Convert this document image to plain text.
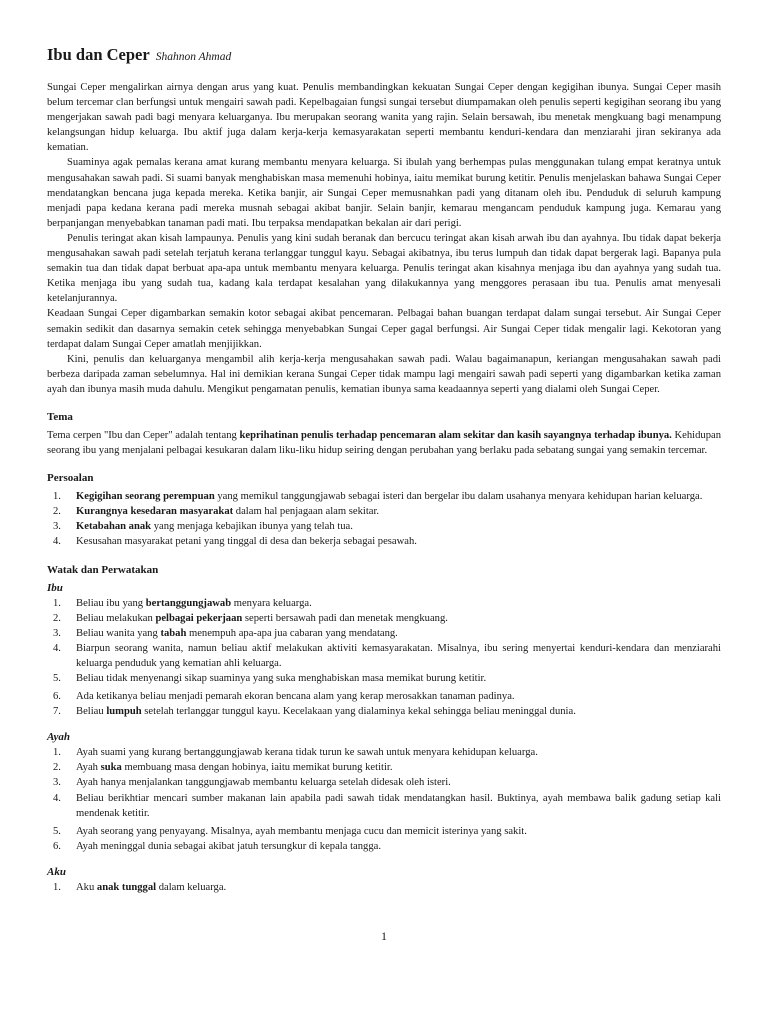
Ibu dan Ceper Shahnon Ahmad

Sungai Ceper mengalirkan airnya dengan arus yang kuat. Penulis membandingkan kekuatan Sungai Ceper dengan kegigihan ibunya. Sungai Ceper masih belum tercemar clan berfungsi untuk mengairi sawah padi. Kepelbagaian fungsi sungai tersebut diumpamakan oleh penulis seperti kegigihan seorang ibu yang mengerjakan sawah padi bagi menyara keluarganya. Ibu merupakan seorang wanita yang rajin. Selain bersawah, ibu menetak mengkuang bagi menampung kelangsungan hidup keluarga. Ibu aktif juga dalam kerja-kerja kemasyarakatan seperti membantu kenduri-kendara dan menziarahi jiran sekiranya ada kematian.

Suaminya agak pemalas kerana amat kurang membantu menyara keluarga. Si ibulah yang berhempas pulas menggunakan tulang empat keratnya untuk mengusahakan sawah padi. Si suami banyak menghabiskan masa memenuhi hobinya, iaitu memikat burung ketitir. Penulis menjelaskan bahawa Sungai Ceper mendatangkan bencana juga kepada mereka. Ketika banjir, air Sungai Ceper memusnahkan padi yang ditanam oleh ibu. Penduduk di seluruh kampung menjadi papa kedana kerana padi mereka musnah sebagai akibat banjir. Selain banjir, kemarau mengancam penduduk kampung juga. Kemarau yang berpanjangan menyebabkan tanaman padi mati. Ibu terpaksa mendapatkan bekalan air dari perigi.

Penulis teringat akan kisah lampaunya. Penulis yang kini sudah beranak dan bercucu teringat akan kisah arwah ibu dan ayahnya. Ibu tidak dapat bekerja mengusahakan sawah padi setelah terjatuh kerana terlanggar tunggul kayu. Sebagai akibatnya, ibu terus lumpuh dan tidak dapat bergerak lagi. Bapanya pula semakin tua dan tidak dapat berbuat apa-apa untuk membantu menyara keluarga. Penulis teringat akan kisahnya menjaga ibu dan ayahnya yang sudah tua. Ketika menjaga ibu yang sudah tua, kadang kala terdapat kesalahan yang dilakukannya yang menggores perasaan ibu tua. Penulis amat menyesali ketelanjurannya.

Keadaan Sungai Ceper digambarkan semakin kotor sebagai akibat pencemaran. Pelbagai bahan buangan terdapat dalam sungai tersebut. Air Sungai Ceper semakin sedikit dan dasarnya semakin cetek sehingga menyebabkan Sungai Ceper gagal berfungsi. Air Sungai Ceper tidak mengalir lagi. Kekotoran yang terdapat dalam Sungai Ceper amatlah menjijikkan.

Kini, penulis dan keluarganya mengambil alih kerja-kerja mengusahakan sawah padi. Walau bagaimanapun, keriangan mengusahakan sawah padi berbeza daripada zaman sebelumnya. Hal ini demikian kerana Sungai Ceper tidak mampu lagi mengairi sawah padi seperti yang digambarkan ketika zaman ayah dan ibunya masih muda dahulu. Mengikut pengamatan penulis, kematian ibunya sama keadaannya seperti yang dialami oleh Sungai Ceper.

Tema

Tema cerpen "Ibu dan Ceper" adalah tentang keprihatinan penulis terhadap pencemaran alam sekitar dan kasih sayangnya terhadap ibunya. Kehidupan seorang ibu yang menjalani pelbagai kesukaran dalam liku-liku hidup seiring dengan perubahan yang berlaku pada sebatang sungai yang semakin tercemar.

Persoalan
1.	Kegigihan seorang perempuan yang memikul tanggungjawab sebagai isteri dan bergelar ibu dalam usahanya menyara kehidupan harian keluarga.
2.	Kurangnya kesedaran masyarakat dalam hal penjagaan alam sekitar.
3.	Ketabahan anak yang menjaga kebajikan ibunya yang telah tua.
4.	Kesusahan masyarakat petani yang tinggal di desa dan bekerja sebagai pesawah.
Watak dan Perwatakan
Ibu
1.	Beliau ibu yang bertanggungjawab menyara keluarga.
2.	Beliau melakukan pelbagai pekerjaan seperti bersawah padi dan menetak mengkuang.
3.	Beliau wanita yang tabah menempuh apa-apa jua cabaran yang mendatang.
4.	Biarpun seorang wanita, namun beliau aktif melakukan aktiviti kemasyarakatan. Misalnya, ibu sering menyertai kenduri-kendara dan menziarahi keluarga penduduk yang kematian ahli keluarga.
5.	Beliau tidak menyenangi sikap suaminya yang suka menghabiskan masa memikat burung ketitir.
6.	Ada ketikanya beliau menjadi pemarah ekoran bencana alam yang kerap merosakkan tanaman padinya.
7.	Beliau lumpuh setelah terlanggar tunggul kayu. Kecelakaan yang dialaminya kekal sehingga beliau meninggal dunia.
Ayah
1.	Ayah suami yang kurang bertanggungjawab kerana tidak turun ke sawah untuk menyara kehidupan keluarga.
2.	Ayah suka membuang masa dengan hobinya, iaitu memikat burung ketitir.
3.	Ayah hanya menjalankan tanggungjawab membantu keluarga setelah didesak oleh isteri.
4.	Beliau berikhtiar mencari sumber makanan lain apabila padi sawah tidak mendatangkan hasil. Buktinya, ayah membawa balik gadung setiap kali mendenak ketitir.
5.	Ayah seorang yang penyayang. Misalnya, ayah membantu menjaga cucu dan memicit isterinya yang sakit.
6.	Ayah meninggal dunia sebagai akibat jatuh tersungkur di kepala tangga.
Aku
1.	Aku anak tunggal dalam keluarga.
1
